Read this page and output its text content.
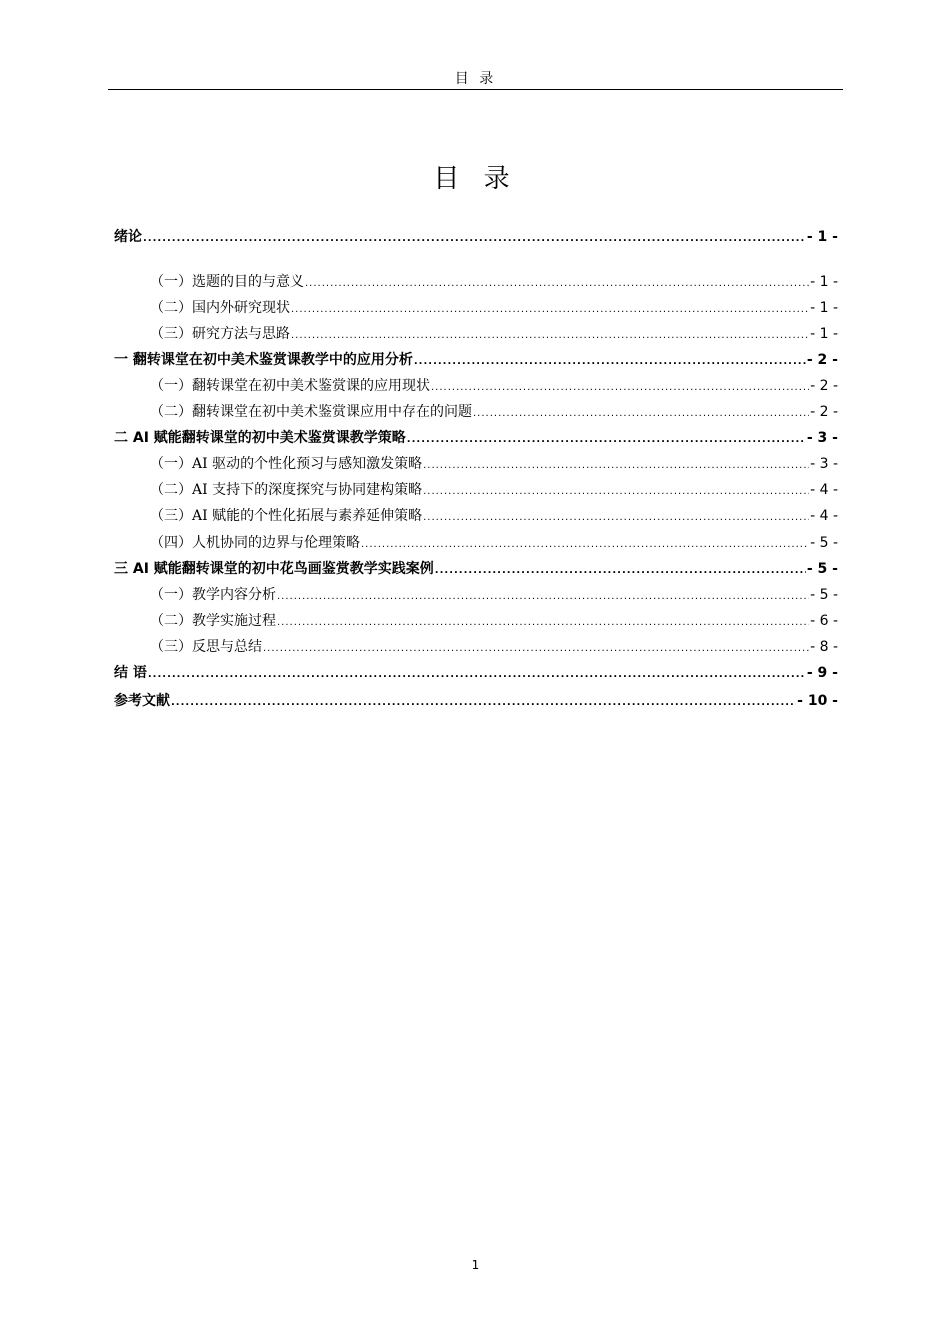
目 录
目 录
绪论 .....	- 1 -
（一）选题的目的与意义 .....	- 1 -
（二）国内外研究现状 .....	- 1 -
（三）研究方法与思路 .....	- 1 -
一 翻转课堂在初中美术鉴赏课教学中的应用分析 .....	- 2 -
（一）翻转课堂在初中美术鉴赏课的应用现状 .....	- 2 -
（二）翻转课堂在初中美术鉴赏课应用中存在的问题 .....	- 2 -
二 AI 赋能翻转课堂的初中美术鉴赏课教学策略 .....	- 3 -
（一）AI 驱动的个性化预习与感知激发策略 .....	- 3 -
（二）AI 支持下的深度探究与协同建构策略 .....	- 4 -
（三）AI 赋能的个性化拓展与素养延伸策略 .....	- 4 -
（四）人机协同的边界与伦理策略 .....	- 5 -
三 AI 赋能翻转课堂的初中花鸟画鉴赏教学实践案例 .....	- 5 -
（一）教学内容分析 .....	- 5 -
（二）教学实施过程 .....	- 6 -
（三）反思与总结 .....	- 8 -
结 语 .....	- 9 -
参考文献 .....	- 10 -
1
